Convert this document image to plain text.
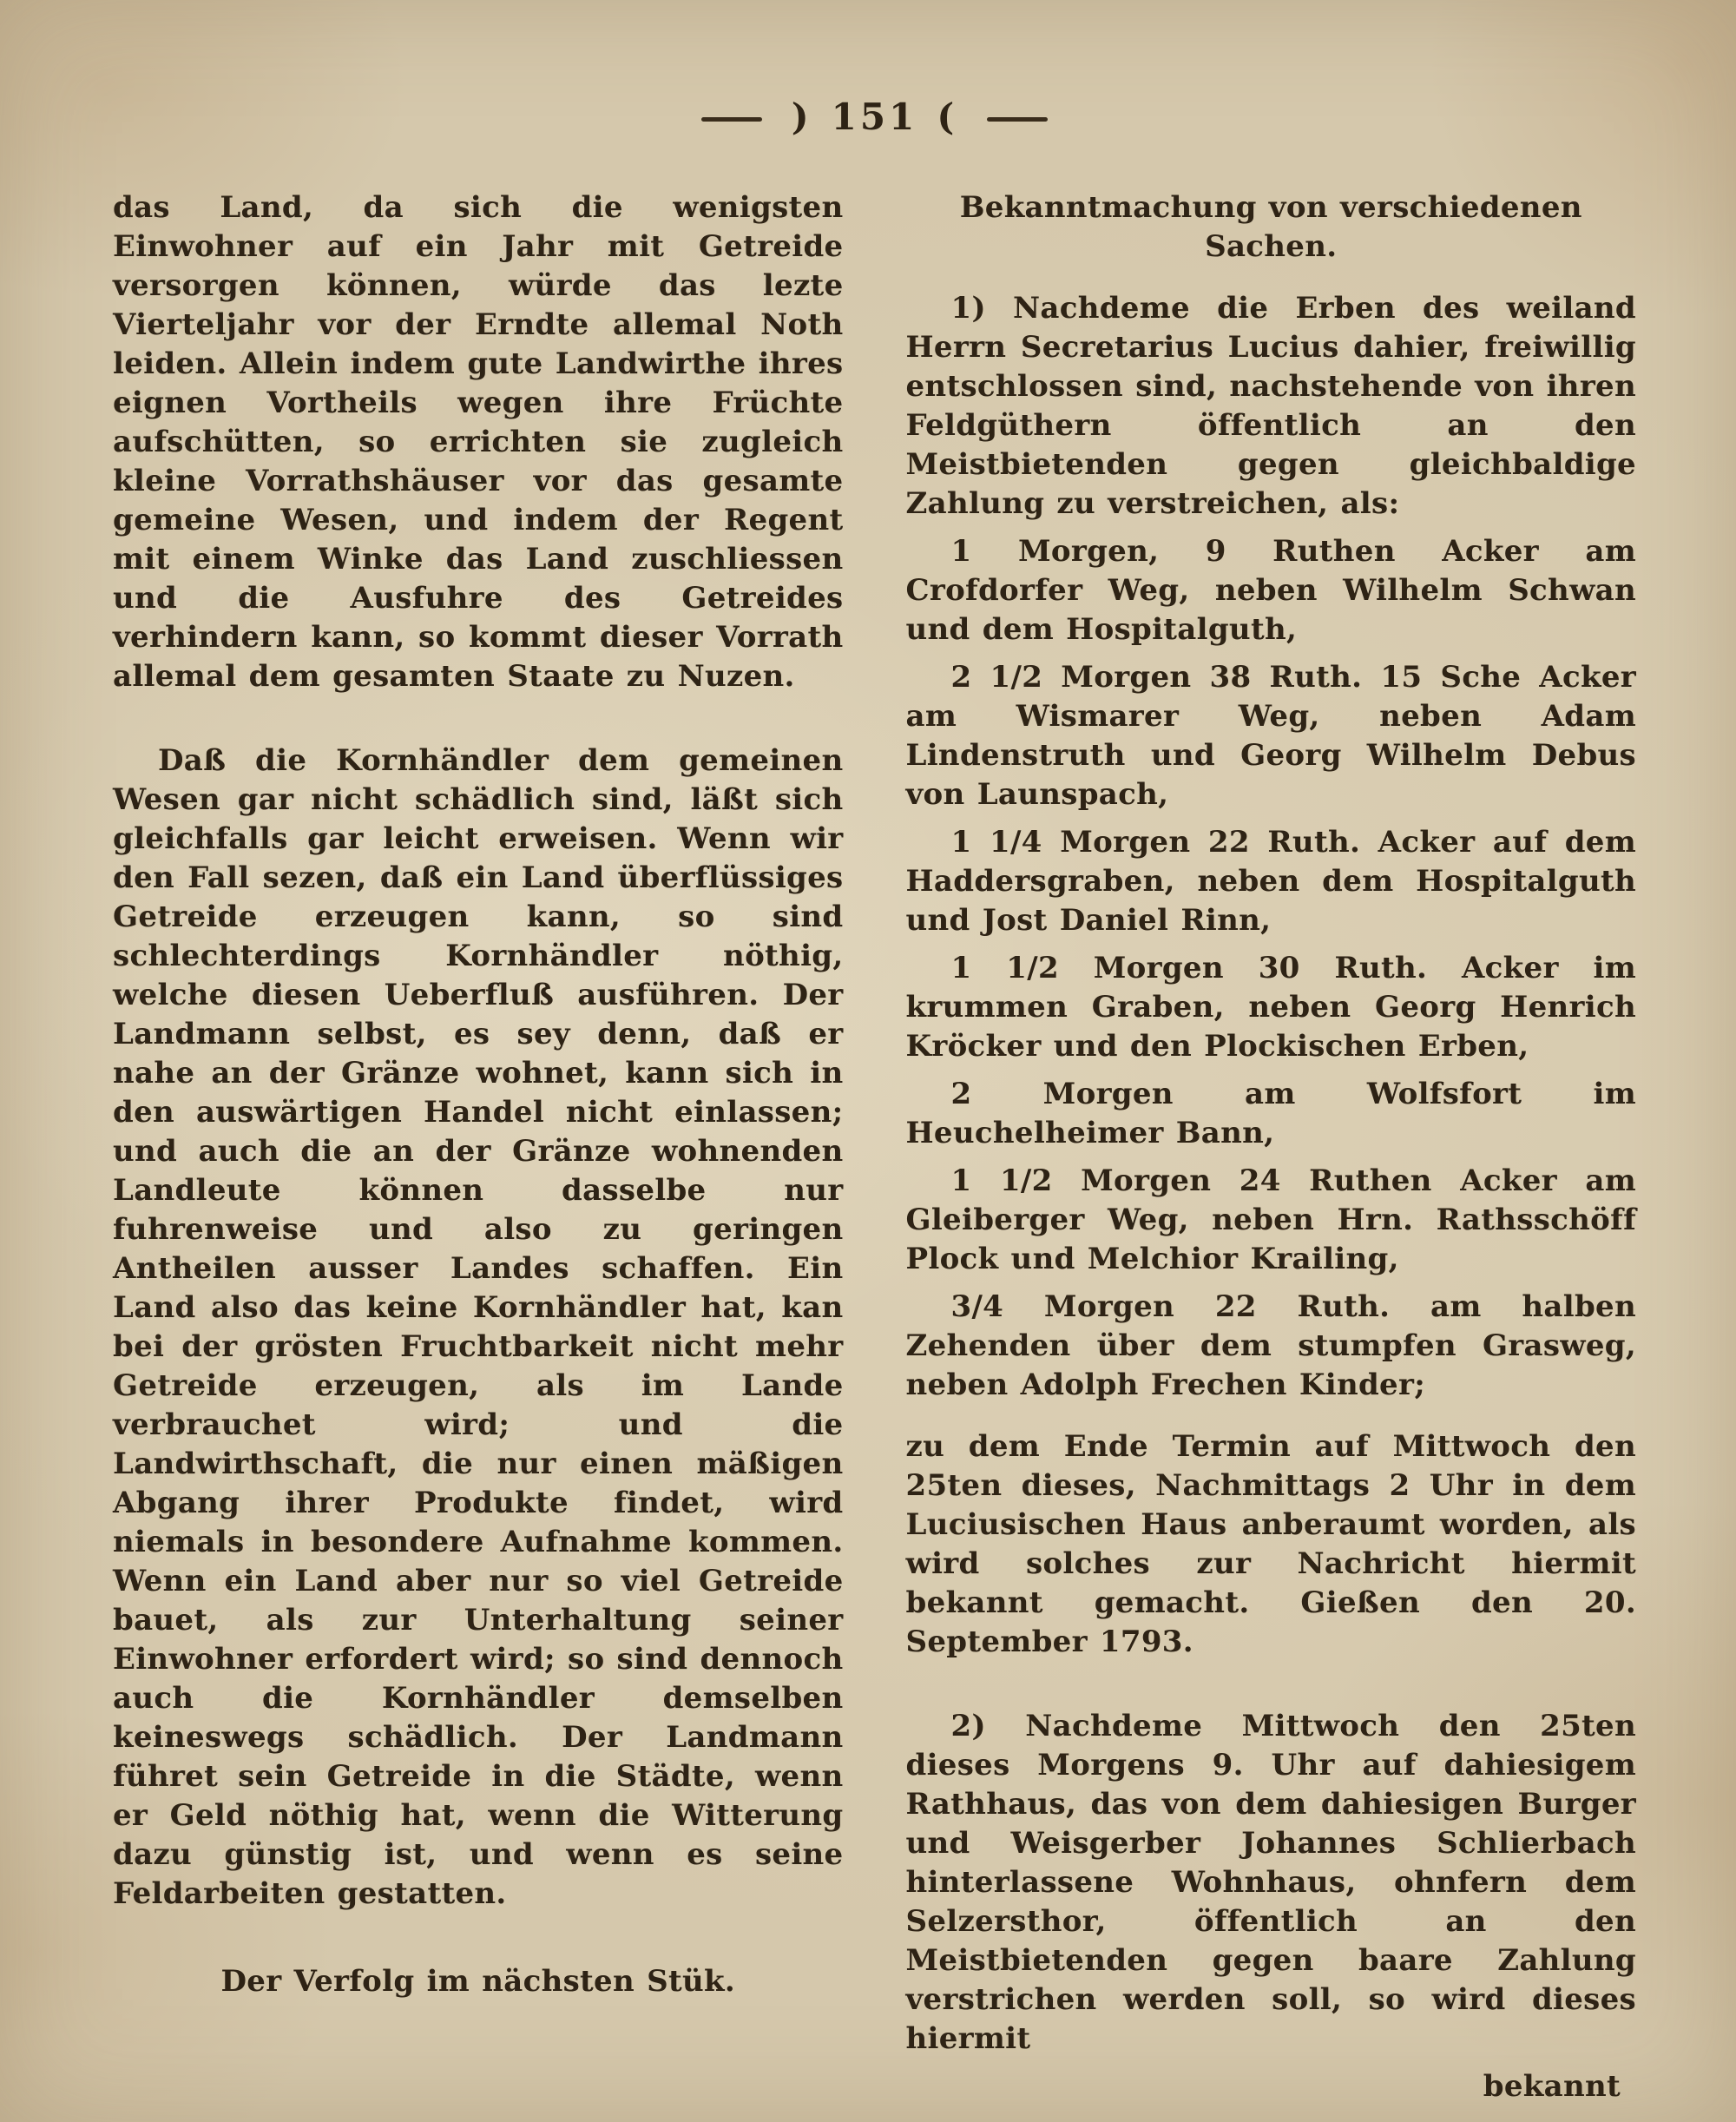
) 151 (

das Land, da sich die wenigsten Einwohner auf ein Jahr mit Getreide versorgen können, würde das lezte Vierteljahr vor der Erndte allemal Noth leiden. Allein indem gute Landwirthe ihres eignen Vortheils wegen ihre Früchte aufschütten, so errichten sie zugleich kleine Vorrathshäuser vor das gesamte gemeine Wesen, und indem der Regent mit einem Winke das Land zuschliessen und die Ausfuhre des Getreides verhindern kann, so kommt dieser Vorrath allemal dem gesamten Staate zu Nuzen.

Daß die Kornhändler dem gemeinen Wesen gar nicht schädlich sind, läßt sich gleichfalls gar leicht erweisen. Wenn wir den Fall sezen, daß ein Land überflüssiges Getreide erzeugen kann, so sind schlechterdings Kornhändler nöthig, welche diesen Ueberfluß ausführen. Der Landmann selbst, es sey denn, daß er nahe an der Gränze wohnet, kann sich in den auswärtigen Handel nicht einlassen; und auch die an der Gränze wohnenden Landleute können dasselbe nur fuhrenweise und also zu geringen Antheilen ausser Landes schaffen. Ein Land also das keine Kornhändler hat, kan bei der grösten Fruchtbarkeit nicht mehr Getreide erzeugen, als im Lande verbrauchet wird; und die Landwirthschaft, die nur einen mäßigen Abgang ihrer Produkte findet, wird niemals in besondere Aufnahme kommen. Wenn ein Land aber nur so viel Getreide bauet, als zur Unterhaltung seiner Einwohner erfordert wird; so sind dennoch auch die Kornhändler demselben keineswegs schädlich. Der Landmann führet sein Getreide in die Städte, wenn er Geld nöthig hat, wenn die Witterung dazu günstig ist, und wenn es seine Feldarbeiten gestatten.

Der Verfolg im nächsten Stük.

Bekanntmachung von verschiedenen
Sachen.

1) Nachdeme die Erben des weiland Herrn Secretarius Lucius dahier, freiwillig entschlossen sind, nachstehende von ihren Feldgüthern öffentlich an den Meistbietenden gegen gleichbaldige Zahlung zu verstreichen, als:

1 Morgen, 9 Ruthen Acker am Crofdorfer Weg, neben Wilhelm Schwan und dem Hospitalguth,

2 1/2 Morgen 38 Ruth. 15 Sche Acker am Wismarer Weg, neben Adam Lindenstruth und Georg Wilhelm Debus von Launspach,

1 1/4 Morgen 22 Ruth. Acker auf dem Haddersgraben, neben dem Hospitalguth und Jost Daniel Rinn,

1 1/2 Morgen 30 Ruth. Acker im krummen Graben, neben Georg Henrich Kröcker und den Plockischen Erben,

2 Morgen am Wolfsfort im Heuchelheimer Bann,

1 1/2 Morgen 24 Ruthen Acker am Gleiberger Weg, neben Hrn. Rathsschöff Plock und Melchior Krailing,

3/4 Morgen 22 Ruth. am halben Zehenden über dem stumpfen Grasweg, neben Adolph Frechen Kinder;

zu dem Ende Termin auf Mittwoch den 25ten dieses, Nachmittags 2 Uhr in dem Luciusischen Haus anberaumt worden, als wird solches zur Nachricht hiermit bekannt gemacht. Gießen den 20. September 1793.

2) Nachdeme Mittwoch den 25ten dieses Morgens 9. Uhr auf dahiesigem Rathhaus, das von dem dahiesigen Burger und Weisgerber Johannes Schlierbach hinterlassene Wohnhaus, ohnfern dem Selzersthor, öffentlich an den Meistbietenden gegen baare Zahlung verstrichen werden soll, so wird dieses hiermit

bekannt
